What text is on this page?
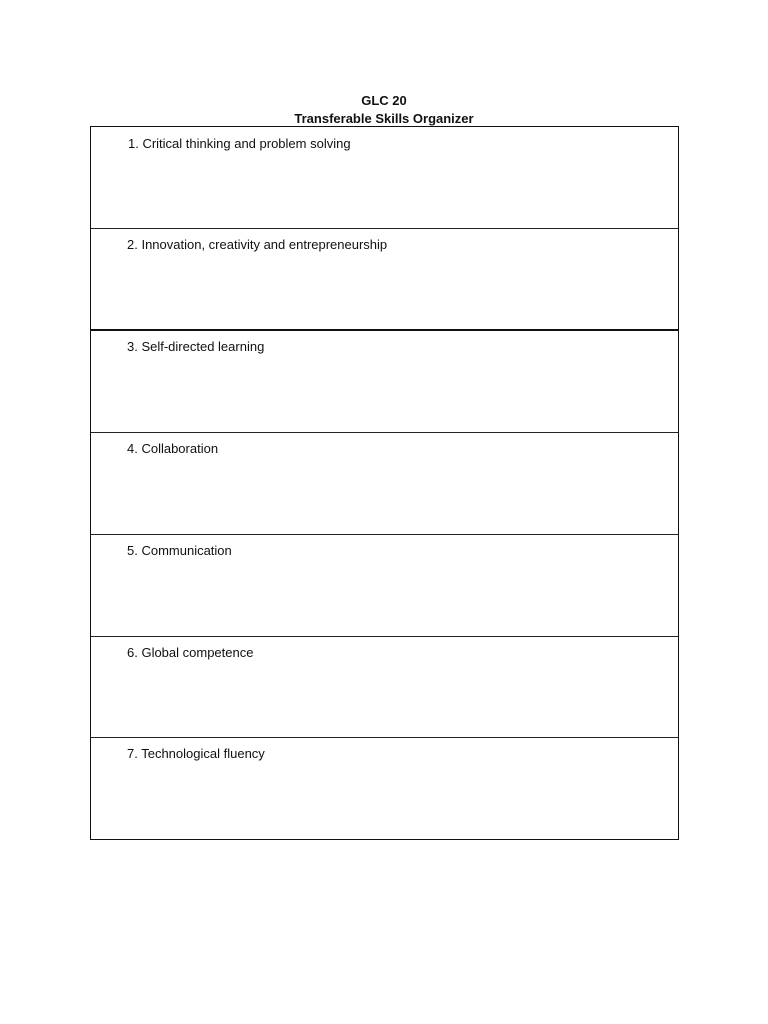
GLC 20
Transferable Skills Organizer
1. Critical thinking and problem solving
2. Innovation, creativity and entrepreneurship
3. Self-directed learning
4. Collaboration
5. Communication
6. Global competence
7. Technological fluency
